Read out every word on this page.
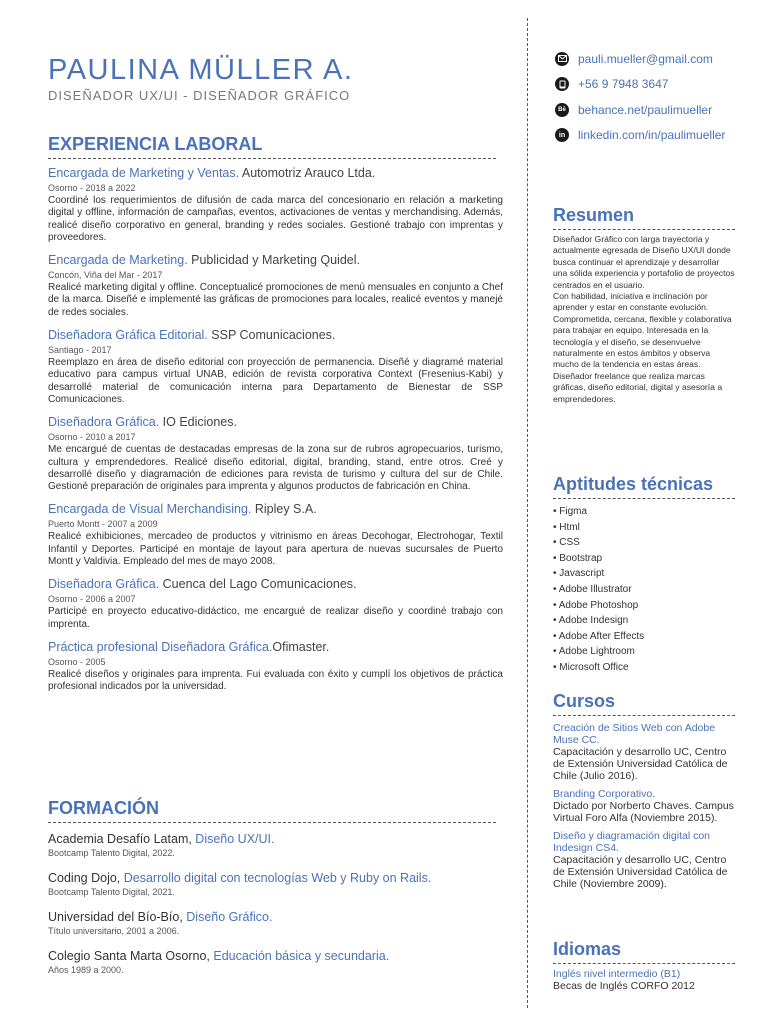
PAULINA MÜLLER A.
DISEÑADOR UX/UI - DISEÑADOR GRÁFICO
EXPERIENCIA LABORAL
Encargada de Marketing y Ventas. Automotriz Arauco Ltda.
Osorno - 2018 a 2022
Coordiné los requerimientos de difusión de cada marca del concesionario en relación a marketing digital y offline, información de campañas, eventos, activaciones de ventas y merchandising. Además, realicé diseño corporativo en general, branding y redes sociales. Gestioné trabajo con imprentas y proveedores.
Encargada de Marketing. Publicidad y Marketing Quidel.
Concón, Viña del Mar - 2017
Realicé marketing digital y offline. Conceptualicé promociones de menú mensuales en conjunto a Chef de la marca. Diseñé e implementé las gráficas de promociones para locales, realicé eventos y manejé de redes sociales.
Diseñadora Gráfica Editorial. SSP Comunicaciones.
Santiago - 2017
Reemplazo en área de diseño editorial con proyección de permanencia. Diseñé y diagramé material educativo para campus virtual UNAB, edición de revista corporativa Context (Fresenius-Kabi) y desarrollé material de comunicación interna para Departamento de Bienestar de SSP Comunicaciones.
Diseñadora Gráfica. IO Ediciones.
Osorno - 2010 a 2017
Me encargué de cuentas de destacadas empresas de la zona sur de rubros agropecuarios, turismo, cultura y emprendedores. Realicé diseño editorial, digital, branding, stand, entre otros. Creé y desarrollé diseño y diagramación de ediciones para revista de turismo y cultura del sur de Chile. Gestioné preparación de originales para imprenta y algunos productos de fabricación en China.
Encargada de Visual Merchandising. Ripley S.A.
Puerto Montt - 2007 a 2009
Realicé exhibiciones, mercadeo de productos y vitrinismo en áreas Decohogar, Electrohogar, Textil Infantil y Deportes. Participé en montaje de layout para apertura de nuevas sucursales de Puerto Montt y Valdivia. Empleado del mes de mayo 2008.
Diseñadora Gráfica. Cuenca del Lago Comunicaciones.
Osorno - 2006 a 2007
Participé en proyecto educativo-didáctico, me encargué de realizar diseño y coordiné trabajo con imprenta.
Práctica profesional Diseñadora Gráfica.Ofimaster.
Osorno - 2005
Realicé diseños y originales para imprenta. Fui evaluada con éxito y cumplí los objetivos de práctica profesional indicados por la universidad.
FORMACIÓN
Academia Desafío Latam, Diseño UX/UI.
Bootcamp Talento Digital, 2022.
Coding Dojo, Desarrollo digital con tecnologías Web y Ruby on Rails.
Bootcamp Talento Digital, 2021.
Universidad del Bío-Bío, Diseño Gráfico.
Título universitario, 2001 a 2006.
Colegio Santa Marta Osorno, Educación básica y secundaria.
Años 1989 a 2000.
pauli.mueller@gmail.com
+56 9 7948 3647
Bē behance.net/paulimueller
in linkedin.com/in/paulimueller
Resumen
Diseñador Gráfico con larga trayectoria y actualmente egresada de Diseño UX/UI donde busca continuar el aprendizaje y desarrollar una sólida experiencia y portafolio de proyectos centrados en el usuario.
Con habilidad, iniciativa e inclinación por aprender y estar en constante evolución. Comprometida, cercana, flexible y colaborativa para trabajar en equipo. Interesada en la tecnología y el diseño, se desenvuelve naturalmente en estos ámbitos y observa mucho de la tendencia en estas áreas.
Diseñador freelance que realiza marcas gráficas, diseño editorial, digital y asesoría a emprendedores.
Aptitudes técnicas
• Figma
• Html
• CSS
• Bootstrap
• Javascript
• Adobe Illustrator
• Adobe Photoshop
• Adobe Indesign
• Adobe After Effects
• Adobe Lightroom
• Microsoft Office
Cursos
Creación de Sitios Web con Adobe Muse CC.
Capacitación y desarrollo UC, Centro de Extensión Universidad Católica de Chile (Julio 2016).
Branding Corporativo.
Dictado por Norberto Chaves. Campus Virtual Foro Alfa (Noviembre 2015).
Diseño y diagramación digital con Indesign CS4.
Capacitación y desarrollo UC, Centro de Extensión Universidad Católica de Chile (Noviembre 2009).
Idiomas
Inglés nivel intermedio (B1)
Becas de Inglés CORFO 2012
